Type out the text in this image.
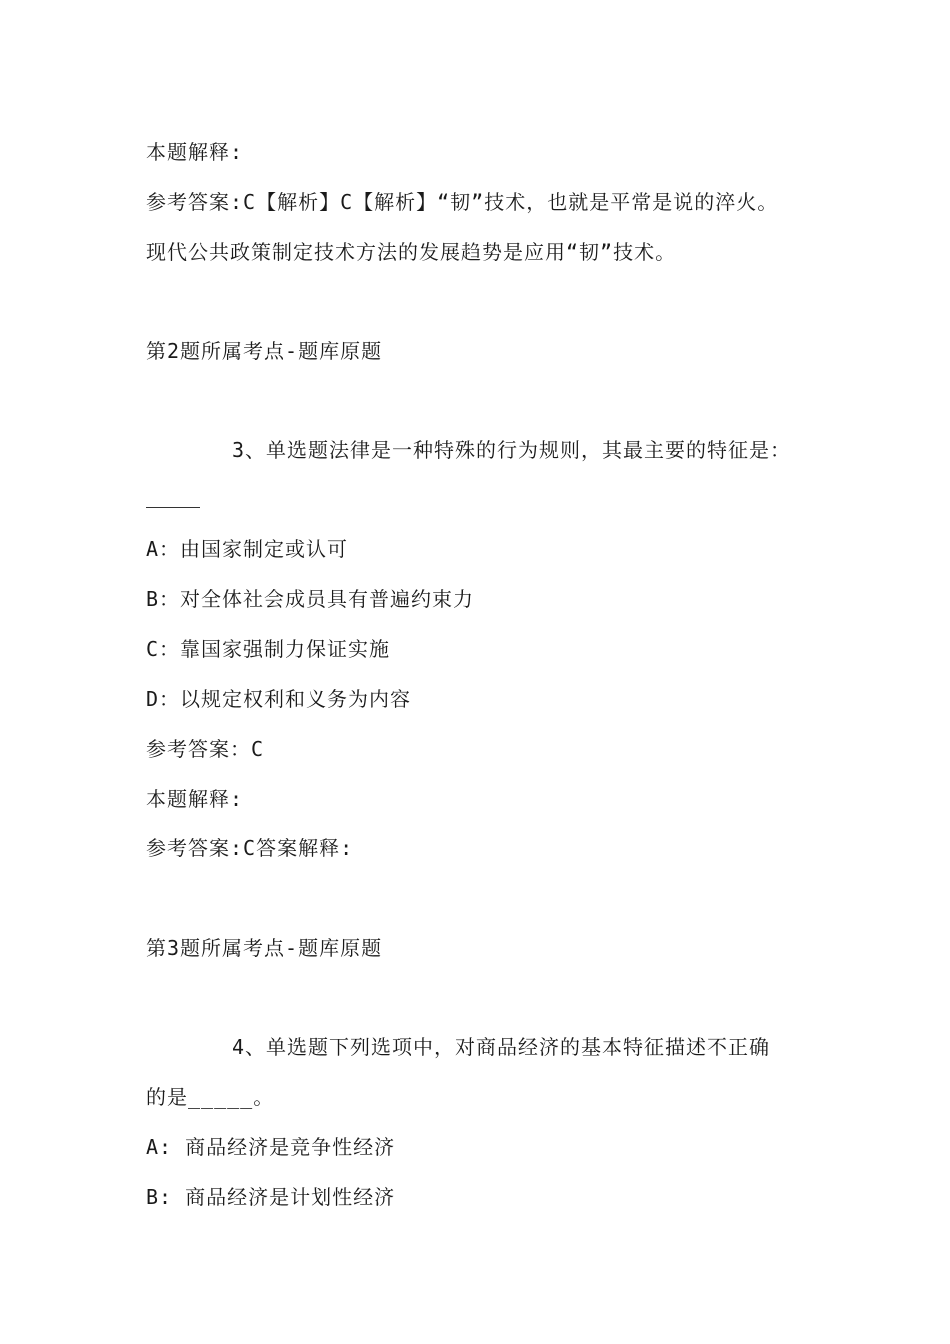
本题解释:
参考答案:C【解析】C【解析】“韧”技术，也就是平常是说的淬火。
现代公共政策制定技术方法的发展趋势是应用“韧”技术。
第2题所属考点-题库原题
3、单选题法律是一种特殊的行为规则，其最主要的特征是：
A：由国家制定或认可
B：对全体社会成员具有普遍约束力
C：靠国家强制力保证实施
D：以规定权利和义务为内容
参考答案：C
本题解释:
参考答案:C答案解释:
第3题所属考点-题库原题
4、单选题下列选项中，对商品经济的基本特征描述不正确
的是_____。
A: 商品经济是竞争性经济
B: 商品经济是计划性经济
